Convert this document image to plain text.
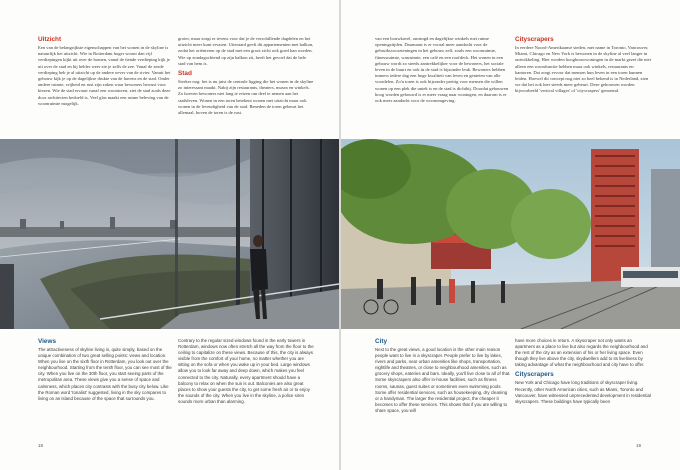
Uitzicht

Een van de belangrijkste eigenschappen van het wonen in de skyline is natuurlijk het uitzicht. Wie in Rotterdam hoger woont dan vijf verdiepingen kijkt uit over de bomen, vanaf de tiende verdieping kijk je uit over de stad en bij helder weer zie je zelfs de zee. Vanaf de zesde verdieping heb je al uitzicht op de andere oever van de rivier. Vanuit het gebouw kijk je op de dagelijkse drukte van de havens en de stad. Onder andere ruimte, vrijheid en rust zijn zaken waar bewoners bewust voor kiezen. Wie de stad ervaart vanaf een woontoren, ziet de stad zoals deze door architecten bedoeld is. Veel glas maakt een ruime beleving van de woonruimte mogelijk.

groter, maar zorgt er tevens voor dat je de verschillende dagdelen en het uitzicht meer kunt ervaren. Uiteraard geeft dit appartementen met balkon, zodat het oriënteren op de stad met een groot zicht ook goed kan worden. Wie op zondagochtend op zijn balkon zit, heeft het gevoel dat de hele stad van hem is.

Stad

Sterker nog: het is nu juist de centrale ligging die het wonen in de skyline zo interessant maakt. Nabij zijn restaurants, theaters, musea en winkels. Zo hoeven bewoners niet lang te reizen om deel te nemen aan het stadsleven. Wonen in een toren betekent wonen met uitzicht maar ook wonen in de levendigheid van de stad. Beneden de toren gebeurt het allemaal, boven de toren is de rust.

Views

The attractiveness of skyline living is, quite simply, based on the unique combination of two great selling points: views and location. When you live on the sixth floor in Rotterdam, you look out over the neighbourhood. Starting from the tenth floor, you can see most of the city. When you live on the 30th floor, you start seeing parts of the metropolitan area. These views give you a sense of space and calmness, which places city contrasts with the busy city below. Like the Roman word 'tonalist' suggested, living in the sky compares to living on an island because of the space that surrounds you.

Contrary to the regular sized windows found in the early towers in Rotterdam, windows now often stretch all the way from the floor to the ceiling to capitalize on these views. Because of this, the city is always visible from the comfort of your home, no matter whether you are sitting on the sofa or when you wake up in your bed. Large windows allow you to look far away and deep down, which makes you feel connected to the city. Naturally, every apartment should have a balcony to relax on when the sun is out. Balconies are also great places to show your guests the city, to get some fresh air or to enjoy the sounds of the city. When you live in the skyline, a police siren sounds more urban than alarming.

18

van een bouwkavel, omringd en dagelijkse winkels met ruime openingstijden. Daarnaast is er vooral meer aandacht voor de gebruiksvoorzieningen in het gebouw zelf, zoals een woonruimte, fitnessruimte, wasruimte, een café en een roofdeck. Het wonen in een gebouw wordt zo steeds aantrekkelijker voor de bewoners, het sociale leven in de buurt en ook in de stad is bijzonder leuk. Bewoners hebben immers iedere dag een hoge kwaliteit van leven en genieten van alle voordelen. Zo'n toren is ook bijzonder prettig voor mensen die willen wonen op een plek die uniek is en de stad is dichtbij. Doordat gebouwen hoog worden gebouwd is er meer vraag naar woningen, en daarom is er ook meer aandacht voor de woonomgeving.

Cityscrapers

In eerdere Noord-Amerikaanse steden, met name in Toronto, Vancouver, Miami, Chicago en New York is bewonen in de skyline al veel langer in ontwikkeling. Hier worden hoogbouwwoningen in de markt gezet die niet alleen een woonfunctie hebben maar ook winkels, restaurants en kantoren. Dat zorgt ervoor dat mensen hun leven in een toren kunnen leiden. Hoewel dit concept nog niet zo heel bekend is in Nederland, zien we dat het ook hier steeds meer gebeurt. Deze gebouwen worden bijvoorbeeld 'vertical villages' of 'cityscrapers' genoemd.

City

Next to the great views, a good location is the other main reason people want to live in a skyscraper. People prefer to live by lakes, rivers and parks, near urban amenities like shops, transportation, nightlife and theatres, or close to neighbourhood amenities, such as grocery shops, eateries and bars. Ideally, you'll live close to all of that. Some skyscrapers also offer in-house facilities, such as fitness rooms, saunas, guest suites or sometimes even swimming pools. Some offer residential services, such as housekeeping, dry cleaning or a handyman. The larger the residential project, the cheaper it becomes to offer these services. This shows that if you are willing to share space, you will

have more choices in return. A skyscraper not only wants an apartment as a place to live but also regards the neighbourhood and the rest of the city as an extension of his or her living space. Even though they live above the city, skydwellers add to its liveliness by taking advantage of what the neighbourhood and city have to offer.

Cityscrapers

New York and Chicago have long traditions of skyscraper living. Recently, other North American cities, such as Miami, Toronto and Vancouver, have witnessed unprecedented development in residential skyscrapers. These buildings have typically been

19
